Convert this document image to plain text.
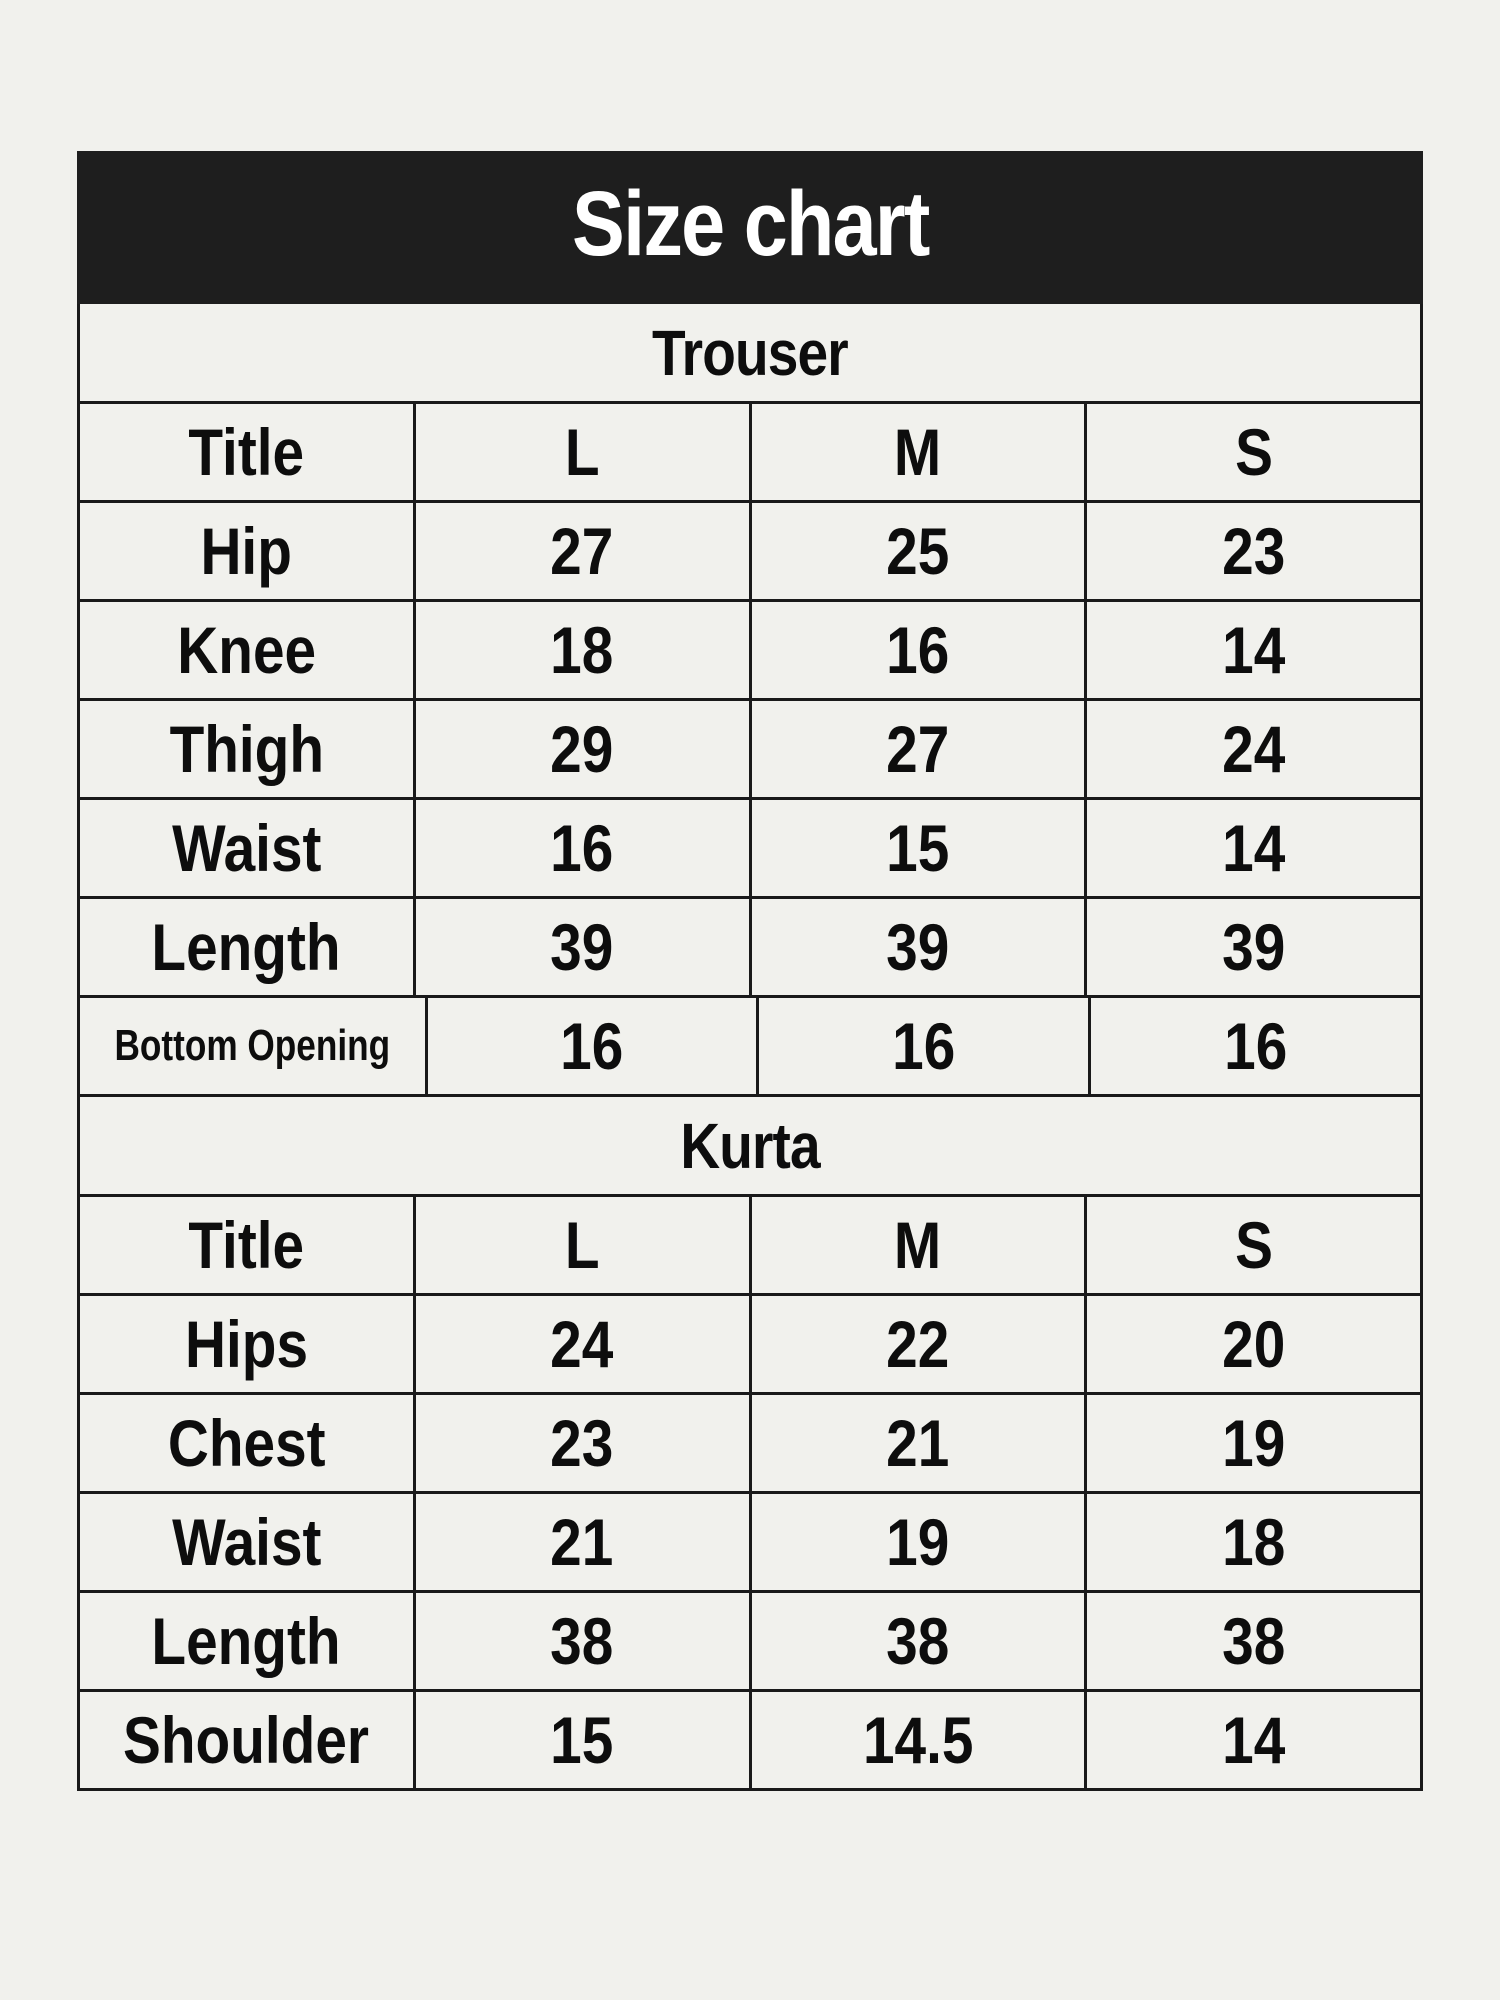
Size chart
Trouser
Title	L	M	S
Hip	27	25	23
Knee	18	16	14
Thigh	29	27	24
Waist	16	15	14
Length	39	39	39
Bottom Opening	16	16	16
Kurta
Title	L	M	S
Hips	24	22	20
Chest	23	21	19
Waist	21	19	18
Length	38	38	38
Shoulder	15	14.5	14
